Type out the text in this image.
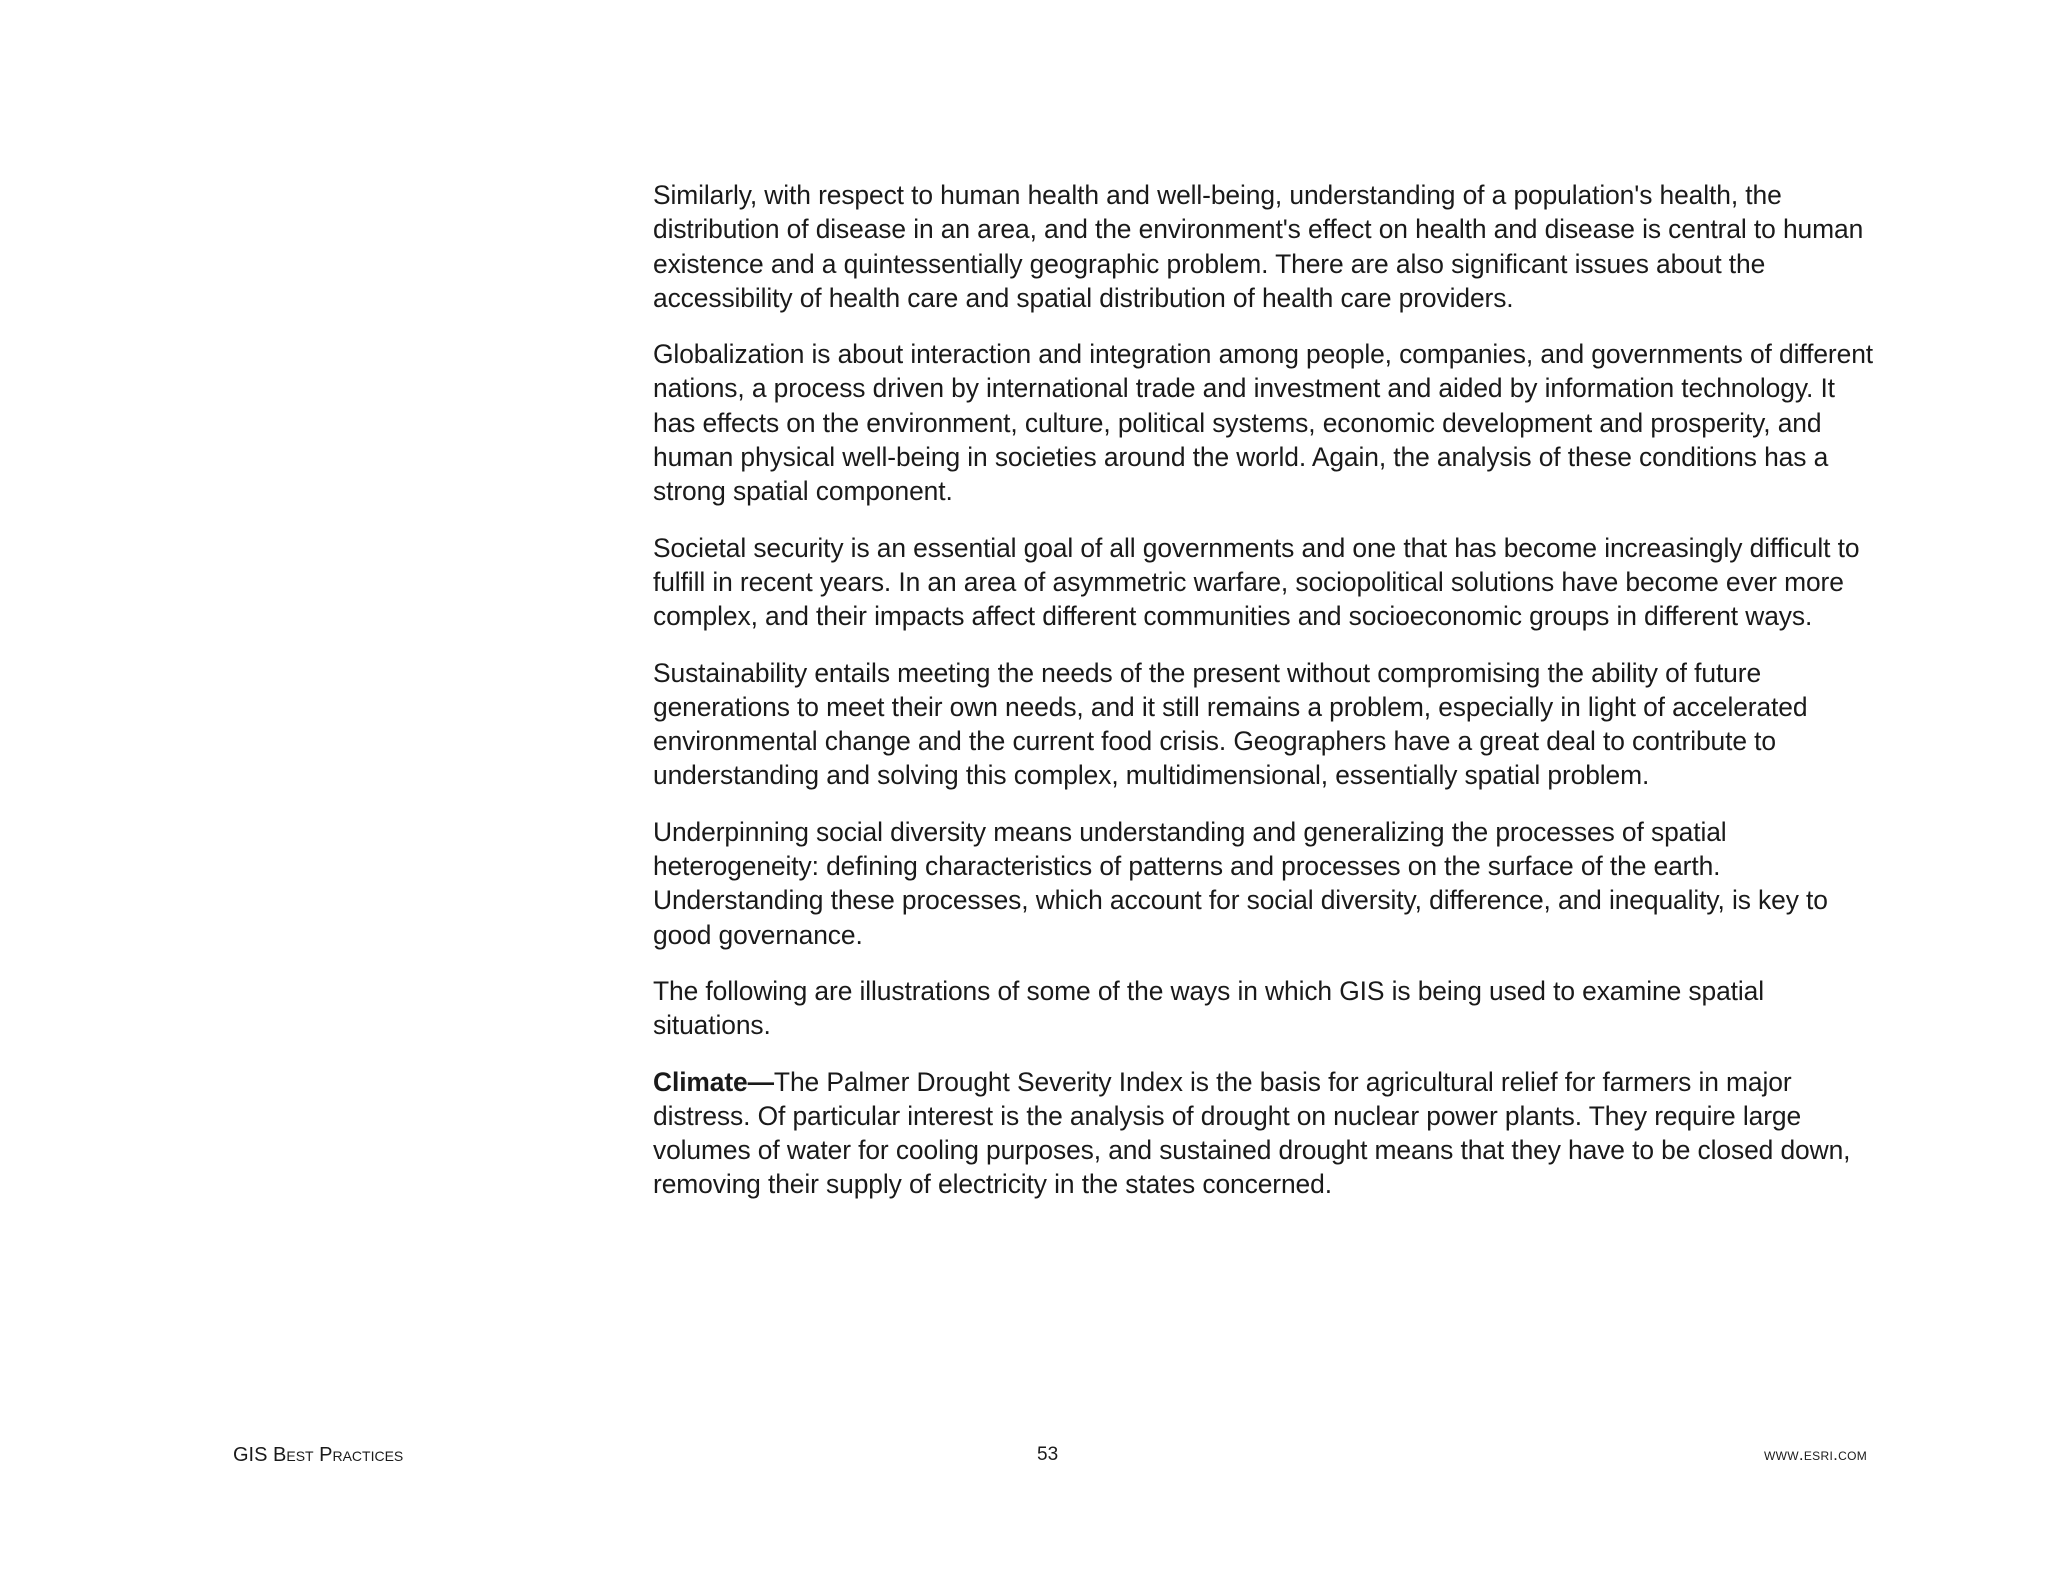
Similarly, with respect to human health and well-being, understanding of a population's health, the distribution of disease in an area, and the environment's effect on health and disease is central to human existence and a quintessentially geographic problem. There are also significant issues about the accessibility of health care and spatial distribution of health care providers.

Globalization is about interaction and integration among people, companies, and governments of different nations, a process driven by international trade and investment and aided by information technology. It has effects on the environment, culture, political systems, economic development and prosperity, and human physical well-being in societies around the world. Again, the analysis of these conditions has a strong spatial component.

Societal security is an essential goal of all governments and one that has become increasingly difficult to fulfill in recent years. In an area of asymmetric warfare, sociopolitical solutions have become ever more complex, and their impacts affect different communities and socioeconomic groups in different ways.

Sustainability entails meeting the needs of the present without compromising the ability of future generations to meet their own needs, and it still remains a problem, especially in light of accelerated environmental change and the current food crisis. Geographers have a great deal to contribute to understanding and solving this complex, multidimensional, essentially spatial problem.

Underpinning social diversity means understanding and generalizing the processes of spatial heterogeneity: defining characteristics of patterns and processes on the surface of the earth. Understanding these processes, which account for social diversity, difference, and inequality, is key to good governance.

The following are illustrations of some of the ways in which GIS is being used to examine spatial situations.

Climate—The Palmer Drought Severity Index is the basis for agricultural relief for farmers in major distress. Of particular interest is the analysis of drought on nuclear power plants. They require large volumes of water for cooling purposes, and sustained drought means that they have to be closed down, removing their supply of electricity in the states concerned.

GIS Best Practices	53	www.esri.com
